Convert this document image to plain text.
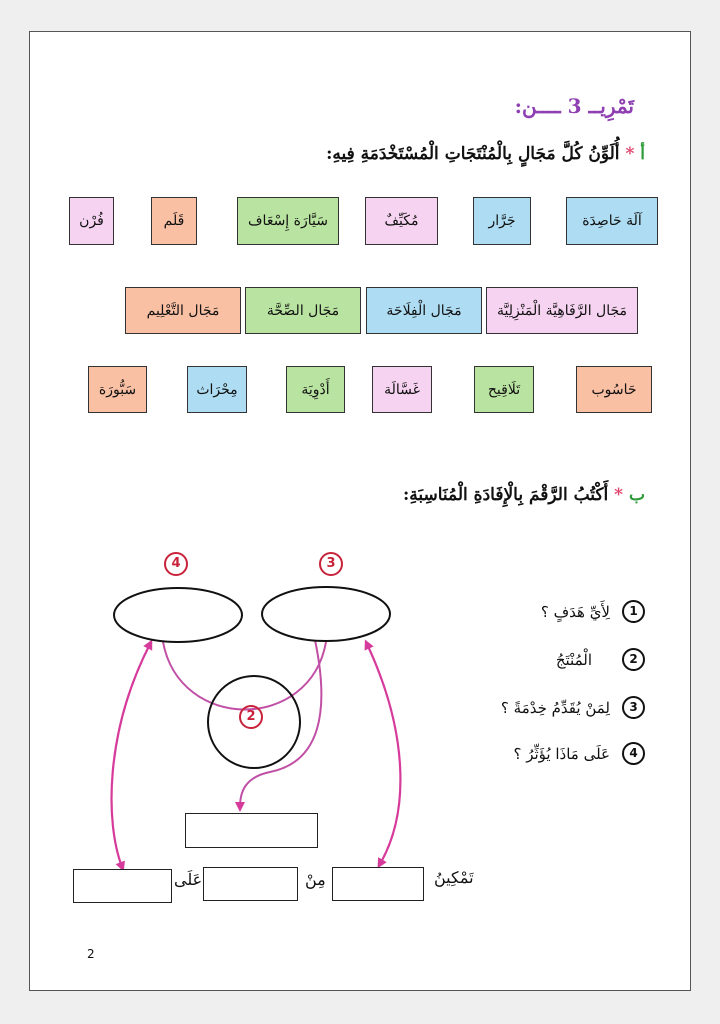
تَمْرِيــ 3 ــــن:
أ * أُلَوِّنُ كُلَّ مَجَالٍ بِالْمُنْتَجَاتِ الْمُسْتَخْدَمَةِ فِيهِ:
آلَة حَاصِدَة
جَرَّار
مُكَيِّفٌ
سَيَّارَة إِسْعَاف
قَلَم
فُرْن
مَجَال الرَّفَاهِيَّة الْمَنْزِلِيَّة
مَجَال الْفِلَاحَة
مَجَال الصِّحَّة
مَجَال التَّعْلِيم
حَاسُوب
تَلَاقِيح
غَسَّالَة
أَدْوِيَة
مِحْرَاث
سَبُّورَة
ب * أَكْتُبُ الرَّقْمَ بِالْإِفَادَةِ الْمُنَاسِبَةِ:
4	3
2
تَمْكِينُ
مِنْ
عَلَى
1
لِأَيِّ هَدَفٍ ؟
2
الْمُنْتَجُ
3
لِمَنْ يُقَدِّمُ خِدْمَةً ؟
4
عَلَى مَاذَا يُؤَثِّرُ ؟
2
